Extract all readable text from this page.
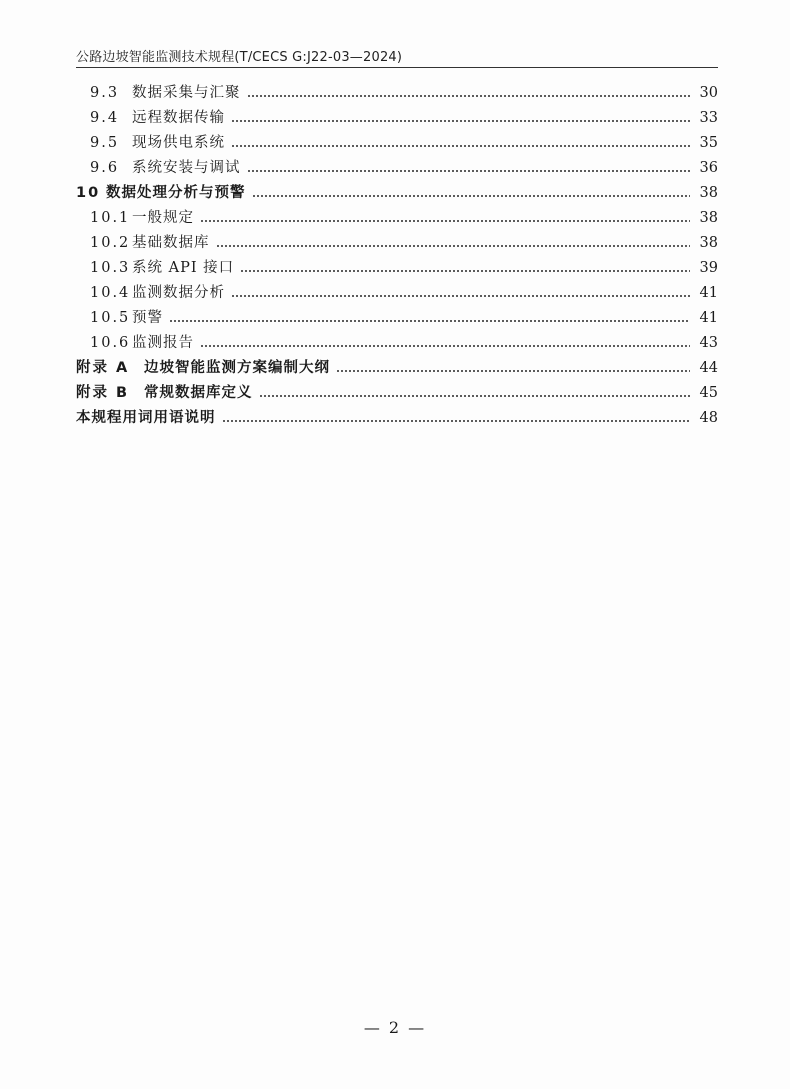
公路边坡智能监测技术规程(T/CECS G:J22-03—2024)
9.3 数据采集与汇聚	30
9.4 远程数据传输	33
9.5 现场供电系统	35
9.6 系统安装与调试	36
10 数据处理分析与预警	38
10.1 一般规定	38
10.2 基础数据库	38
10.3 系统 API 接口	39
10.4 监测数据分析	41
10.5 预警	41
10.6 监测报告	43
附录 A	边坡智能监测方案编制大纲	44
附录 B	常规数据库定义	45
本规程用词用语说明	48
— 2 —
